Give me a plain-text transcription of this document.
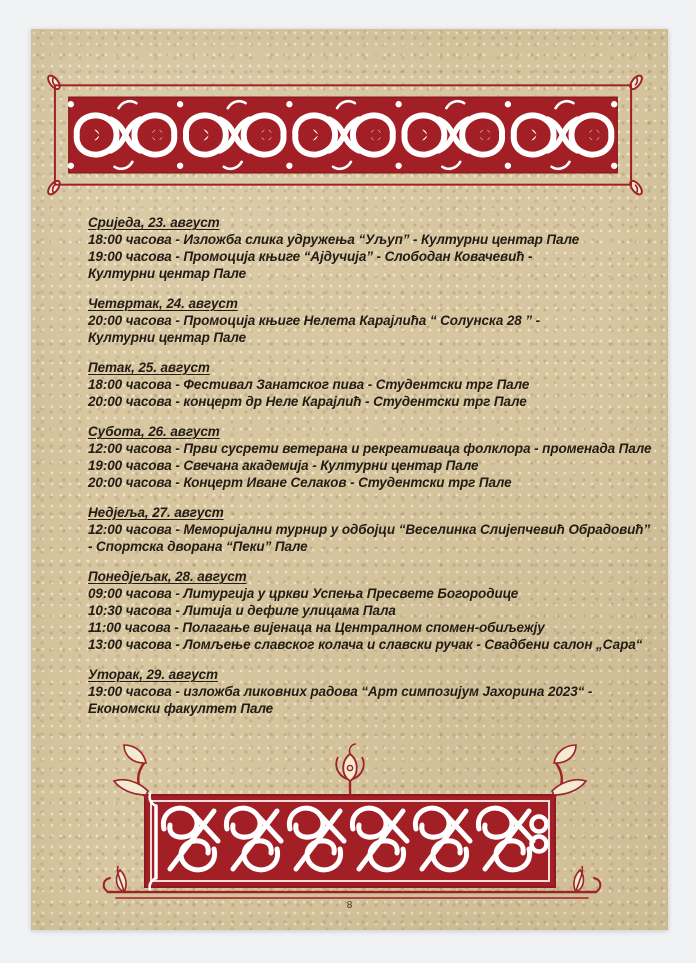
Сриједа, 23. август
18:00 часова - Изложба слика удружења “Уљуп” - Културни центар Пале
19:00 часова - Промоција књиге “Ајдучија” - Слободан Ковачевић -
Културни центар Пале
Четвртак, 24. август
20:00 часова - Промоција књиге Нелета Карајлића “ Солунска 28 ” -
Културни центар Пале
Петак, 25. август
18:00 часова - Фестивал Занатског пива - Студентски трг Пале
20:00 часова - концерт др Неле Карајлић - Студентски трг Пале
Субота, 26. август
12:00 часова - Први сусрети ветерана и рекреативаца фолклора - променада Пале
19:00 часова - Свечана академија - Културни центар Пале
20:00 часова - Концерт Иване Селаков - Студентски трг Пале
Недјеља, 27. август
12:00 часова - Меморијални турнир у одбојци “Веселинка Слијепчевић Обрадовић”
- Спортска дворана “Пеки” Пале
Понедјељак, 28. август
09:00 часова - Литургија у цркви Успења Пресвете Богородице
10:30 часова - Литија и дефиле улицама Пала
11:00 часова - Полагање вијенаца на Централном спомен-обиљежју
13:00 часова - Ломљење славског колача и славски ручак - Свадбени салон „Сара“
Уторак, 29. август
19:00 часова - изложба ликовних радова “Арт симпозијум Јахорина 2023“ -
Економски факултет Пале
8
